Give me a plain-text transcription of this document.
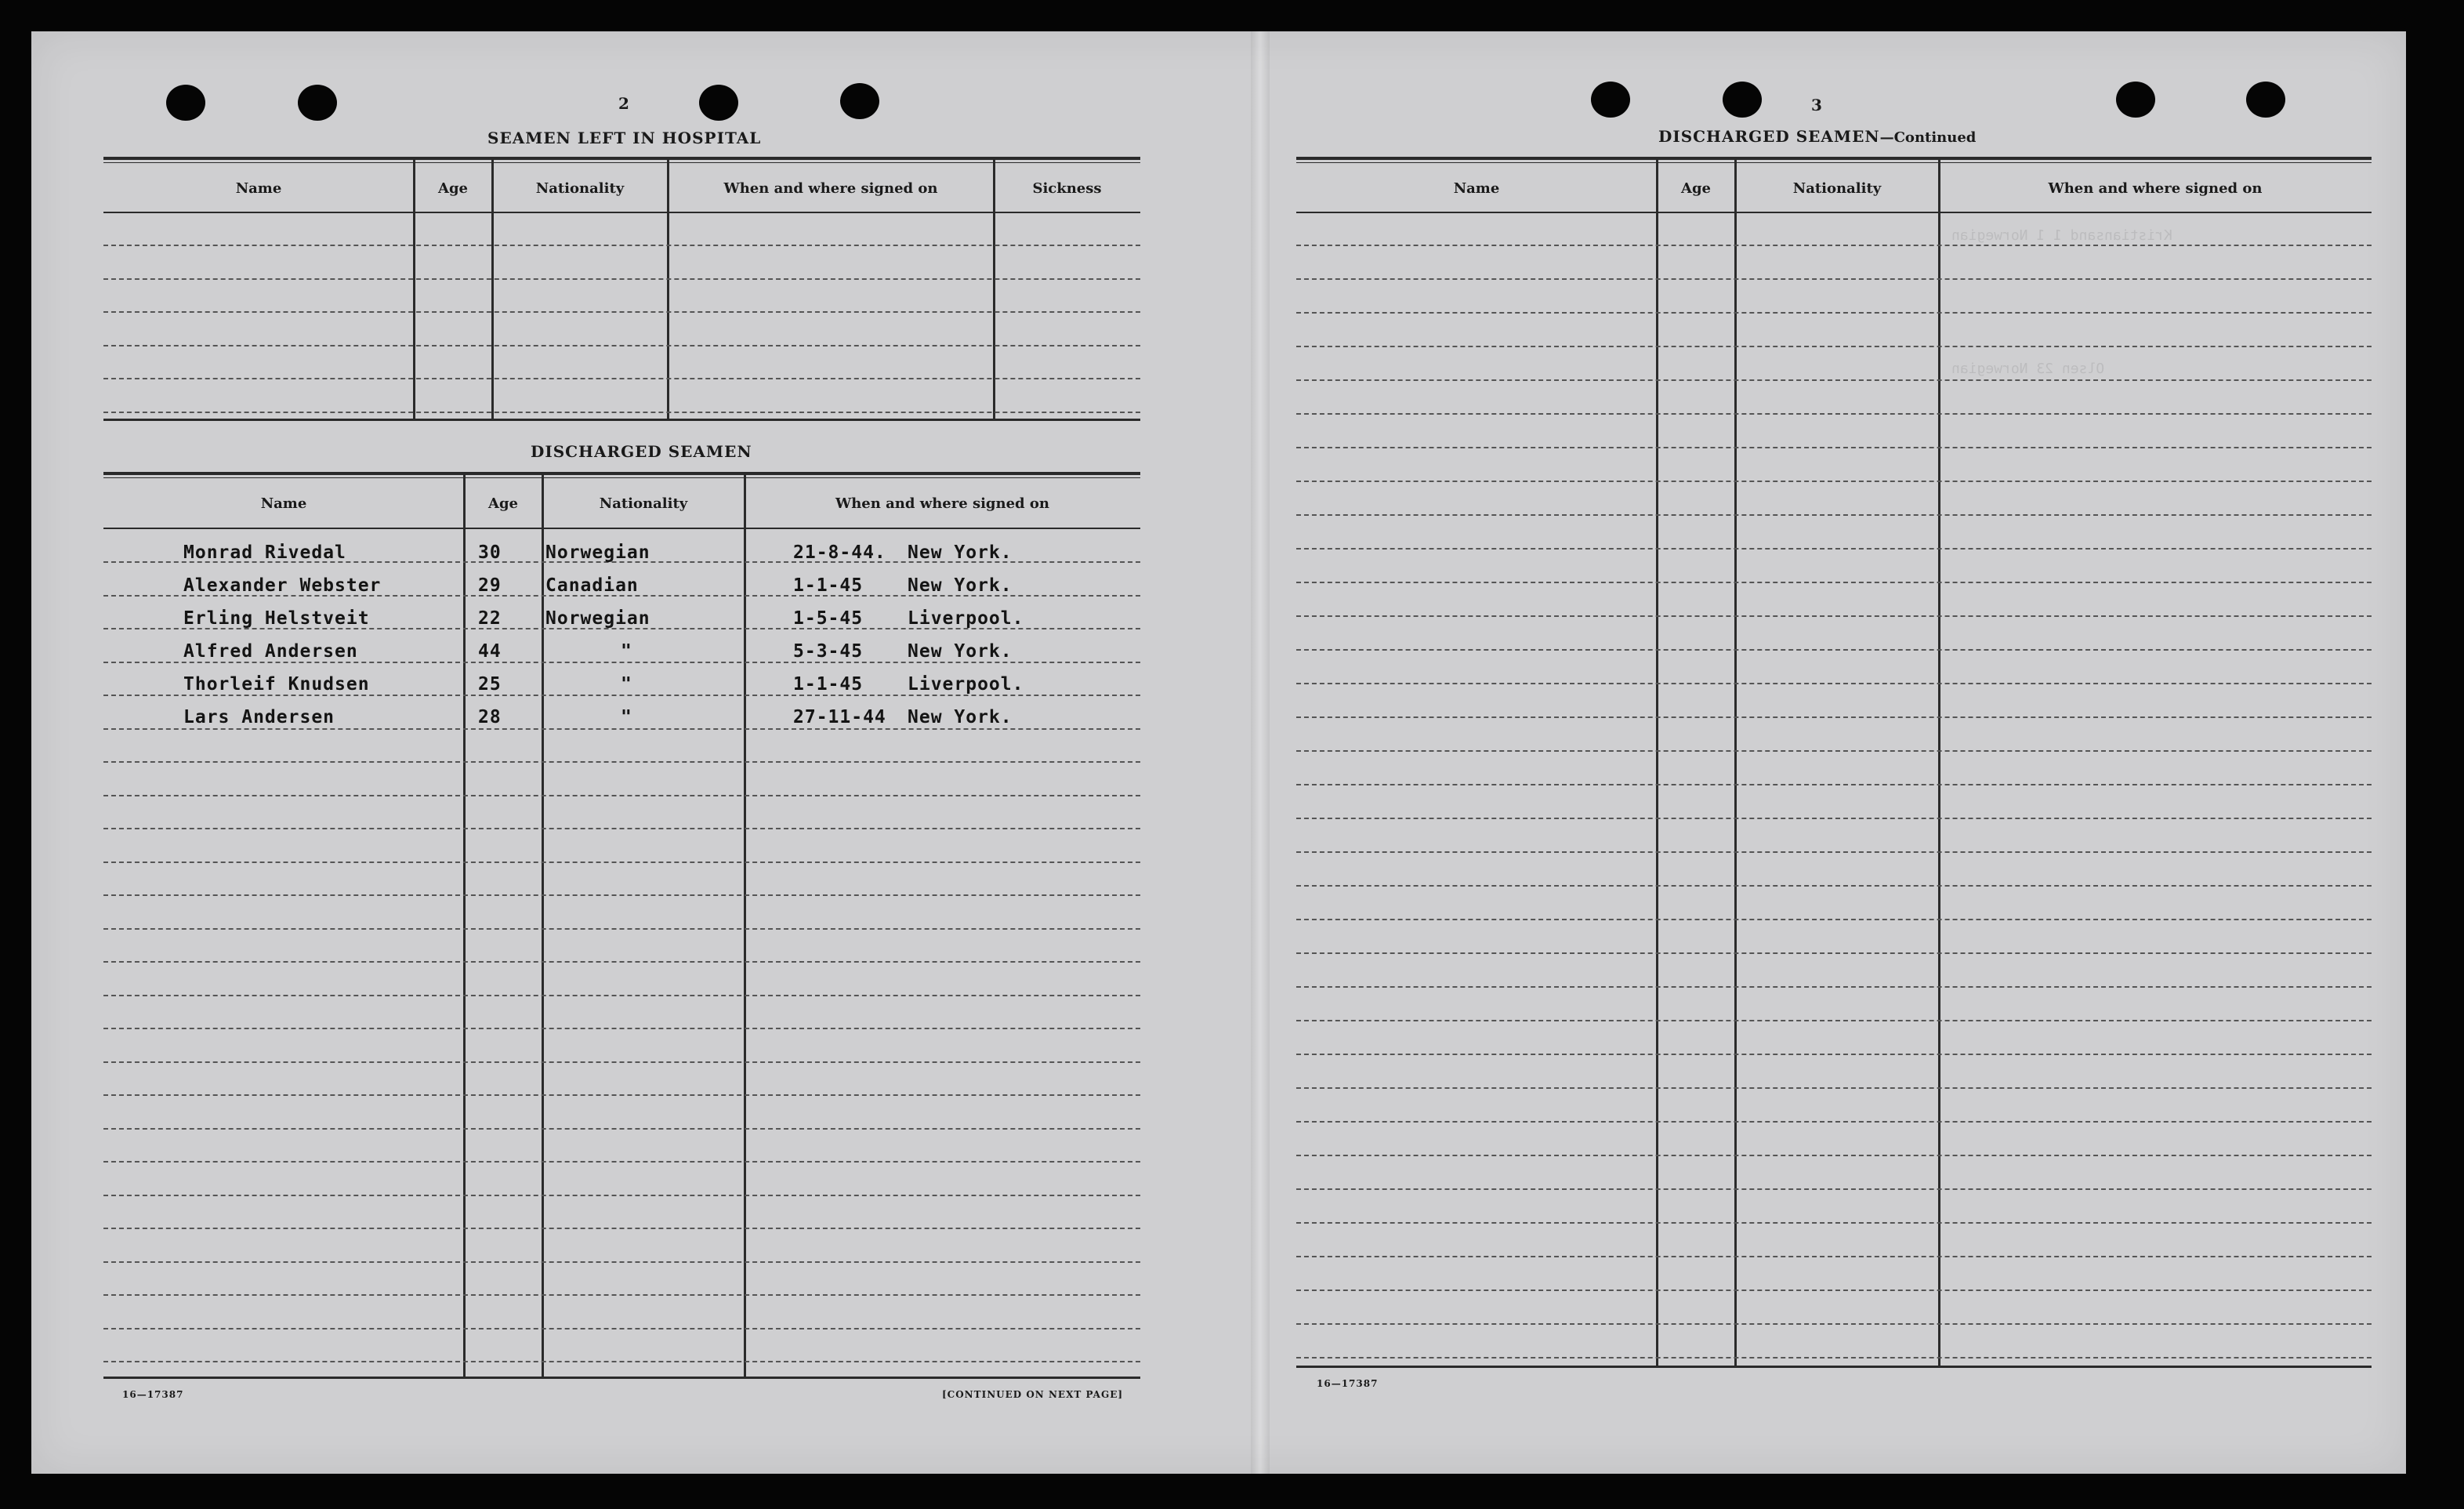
Kristiansand 1 1 Norwegian
Olsen 23 Norwegian
2
SEAMEN LEFT IN HOSPITAL
Name	Age	Nationality	When and where signed on	Sickness
DISCHARGED SEAMEN
Name	Age	Nationality	When and where signed on
Monrad Rivedal	30 Norwegian	21-8-44. New York.
Alexander Webster	29 Canadian	1-1-45 New York.
Erling Helstveit	22 Norwegian	1-5-45 Liverpool.
Alfred Andersen	44	"	5-3-45 New York.
Thorleif Knudsen	25	"	1-1-45 Liverpool.
Lars Andersen	28	"	27-11-44 New York.
16—17387	[CONTINUED ON NEXT PAGE]
3
DISCHARGED SEAMEN—Continued
Name	Age	Nationality	When and where signed on
16—17387
